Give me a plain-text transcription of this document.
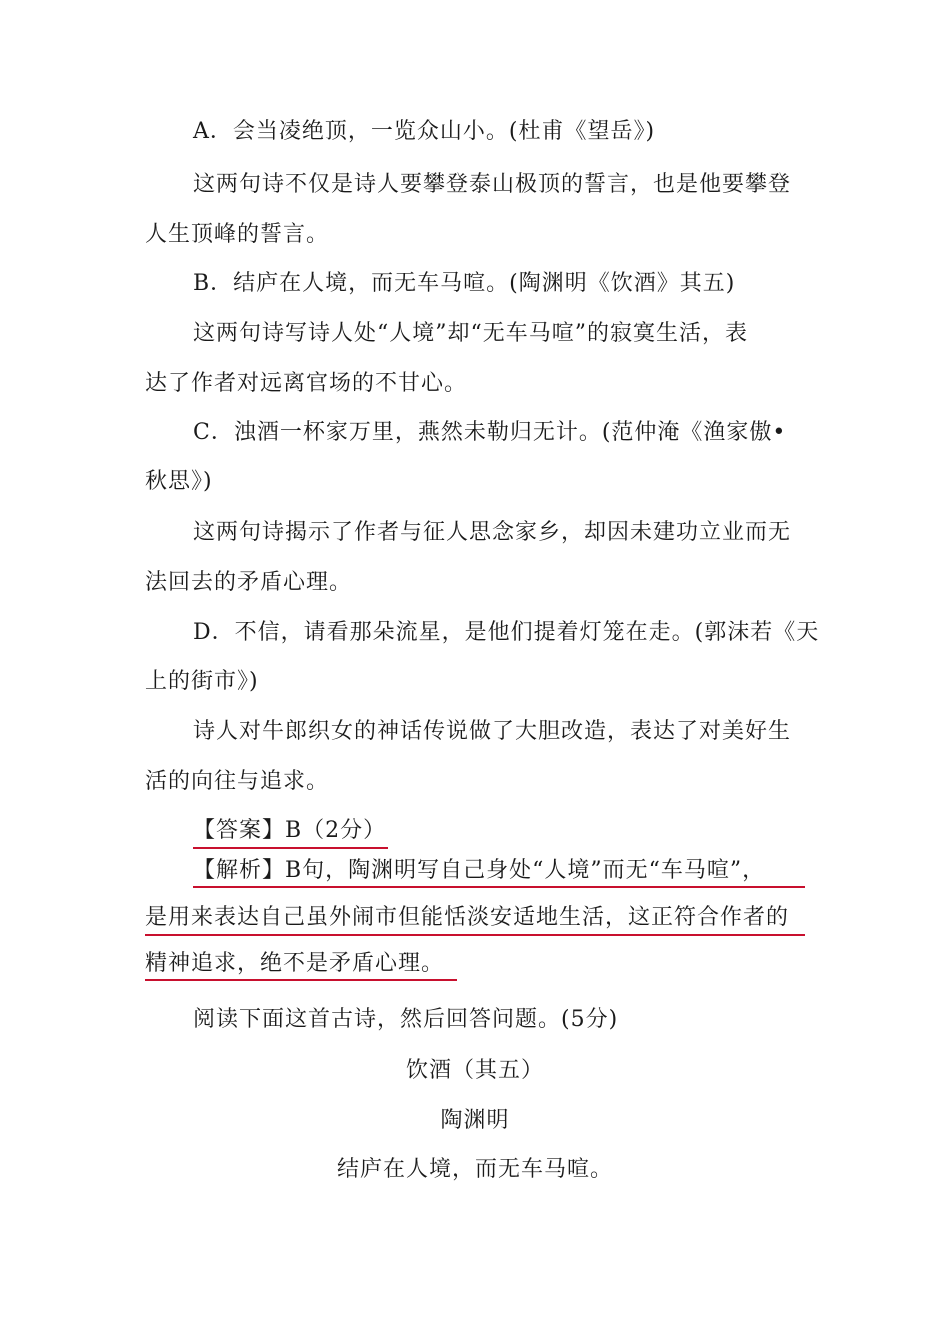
A．会当凌绝顶，一览众山小。(杜甫《望岳》)
这两句诗不仅是诗人要攀登泰山极顶的誓言，也是他要攀登
人生顶峰的誓言。
B．结庐在人境，而无车马喧。(陶渊明《饮酒》其五)
这两句诗写诗人处“人境”却“无车马喧”的寂寞生活，表
达了作者对远离官场的不甘心。
C．浊酒一杯家万里，燕然未勒归无计。(范仲淹《渔家傲•
秋思》)
这两句诗揭示了作者与征人思念家乡，却因未建功立业而无
法回去的矛盾心理。
D．不信，请看那朵流星，是他们提着灯笼在走。(郭沫若《天
上的街市》)
诗人对牛郎织女的神话传说做了大胆改造，表达了对美好生
活的向往与追求。
【答案】B（2分）
【解析】B句，陶渊明写自己身处“人境”而无“车马喧”，
是用来表达自己虽外闹市但能恬淡安适地生活，这正符合作者的
精神追求，绝不是矛盾心理。
阅读下面这首古诗，然后回答问题。(5分)
饮酒（其五）
陶渊明
结庐在人境，而无车马喧。
